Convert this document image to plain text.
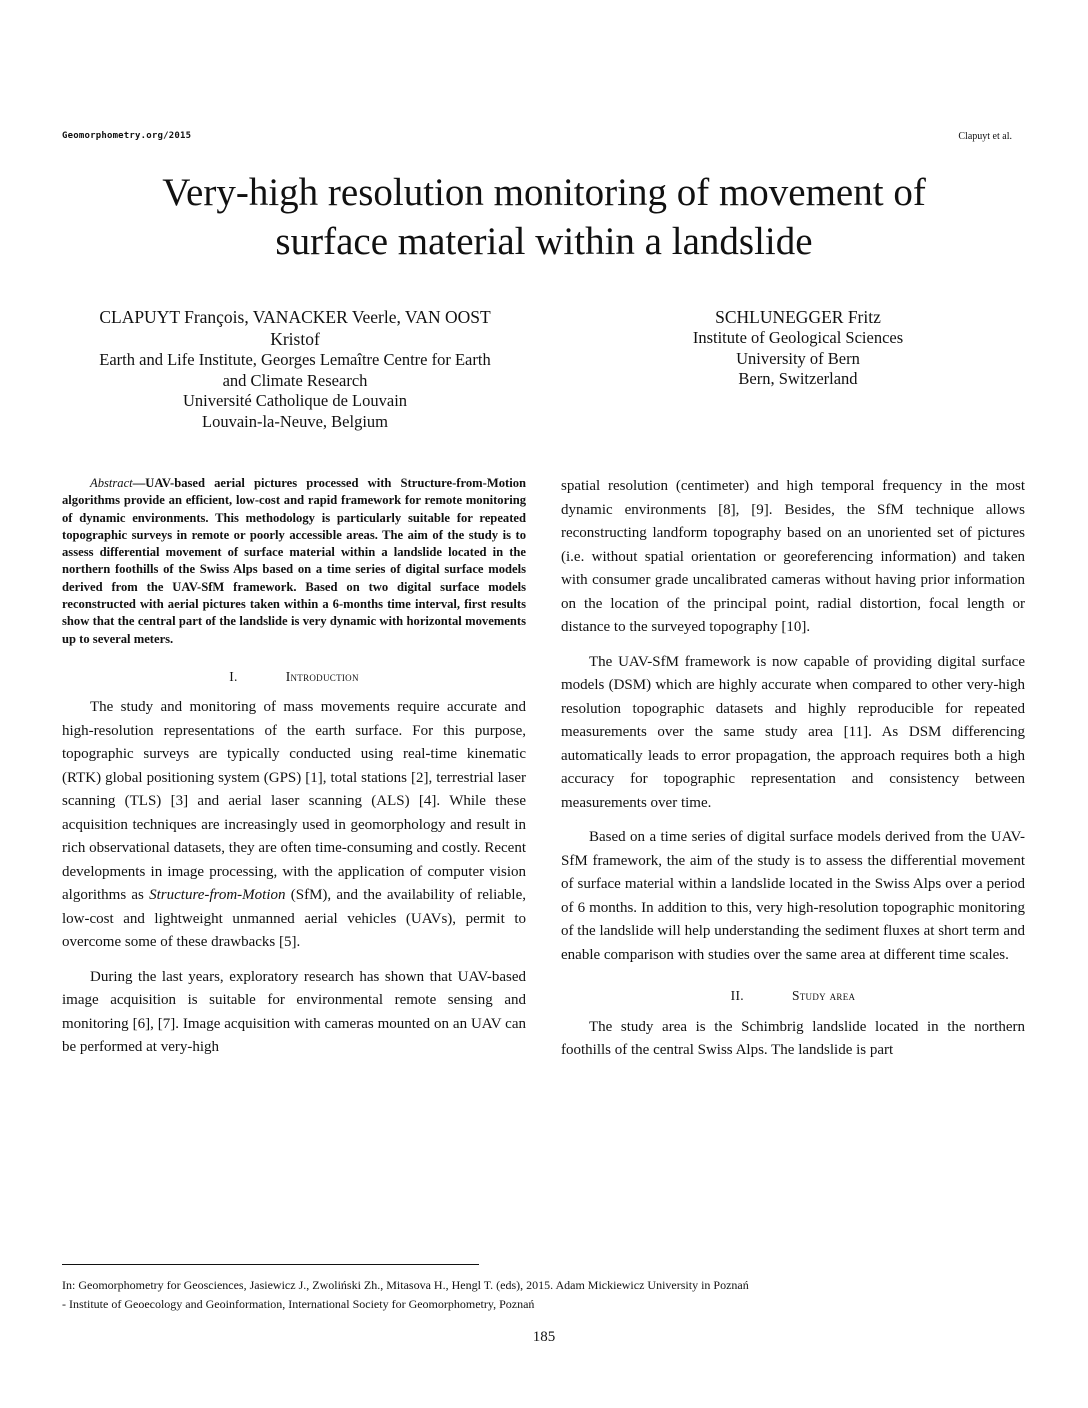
Geomorphometry.org/2015	Clapuyt et al.
Very-high resolution monitoring of movement of
surface material within a landslide
CLAPUYT François, VANACKER Veerle, VAN OOST
Kristof
Earth and Life Institute, Georges Lemaître Centre for Earth
and Climate Research
Université Catholique de Louvain
Louvain-la-Neuve, Belgium
SCHLUNEGGER Fritz
Institute of Geological Sciences
University of Bern
Bern, Switzerland

Abstract—UAV-based aerial pictures processed with Structure-from-Motion algorithms provide an efficient, low-cost and rapid framework for remote monitoring of dynamic environments. This methodology is particularly suitable for repeated topographic surveys in remote or poorly accessible areas. The aim of the study is to assess differential movement of surface material within a landslide located in the northern foothills of the Swiss Alps based on a time series of digital surface models derived from the UAV-SfM framework. Based on two digital surface models reconstructed with aerial pictures taken within a 6-months time interval, first results show that the central part of the landslide is very dynamic with horizontal movements up to several meters.

I.	Introduction

The study and monitoring of mass movements require accurate and high-resolution representations of the earth surface. For this purpose, topographic surveys are typically conducted using real-time kinematic (RTK) global positioning system (GPS) [1], total stations [2], terrestrial laser scanning (TLS) [3] and aerial laser scanning (ALS) [4]. While these acquisition techniques are increasingly used in geomorphology and result in rich observational datasets, they are often time-consuming and costly. Recent developments in image processing, with the application of computer vision algorithms as Structure-from-Motion (SfM), and the availability of reliable, low-cost and lightweight unmanned aerial vehicles (UAVs), permit to overcome some of these drawbacks [5].

During the last years, exploratory research has shown that UAV-based image acquisition is suitable for environmental remote sensing and monitoring [6], [7]. Image acquisition with cameras mounted on an UAV can be performed at very-high

spatial resolution (centimeter) and high temporal frequency in the most dynamic environments [8], [9]. Besides, the SfM technique allows reconstructing landform topography based on an unoriented set of pictures (i.e. without spatial orientation or georeferencing information) and taken with consumer grade uncalibrated cameras without having prior information on the location of the principal point, radial distortion, focal length or distance to the surveyed topography [10].

The UAV-SfM framework is now capable of providing digital surface models (DSM) which are highly accurate when compared to other very-high resolution topographic datasets and highly reproducible for repeated measurements over the same study area [11]. As DSM differencing automatically leads to error propagation, the approach requires both a high accuracy for topographic representation and consistency between measurements over time.

Based on a time series of digital surface models derived from the UAV-SfM framework, the aim of the study is to assess the differential movement of surface material within a landslide located in the Swiss Alps over a period of 6 months. In addition to this, very high-resolution topographic monitoring of the landslide will help understanding the sediment fluxes at short term and enable comparison with studies over the same area at different time scales.

II.	Study area

The study area is the Schimbrig landslide located in the northern foothills of the central Swiss Alps. The landslide is part

In: Geomorphometry for Geosciences, Jasiewicz J., Zwoliński Zh., Mitasova H., Hengl T. (eds), 2015. Adam Mickiewicz University in Poznań
- Institute of Geoecology and Geoinformation, International Society for Geomorphometry, Poznań
185
